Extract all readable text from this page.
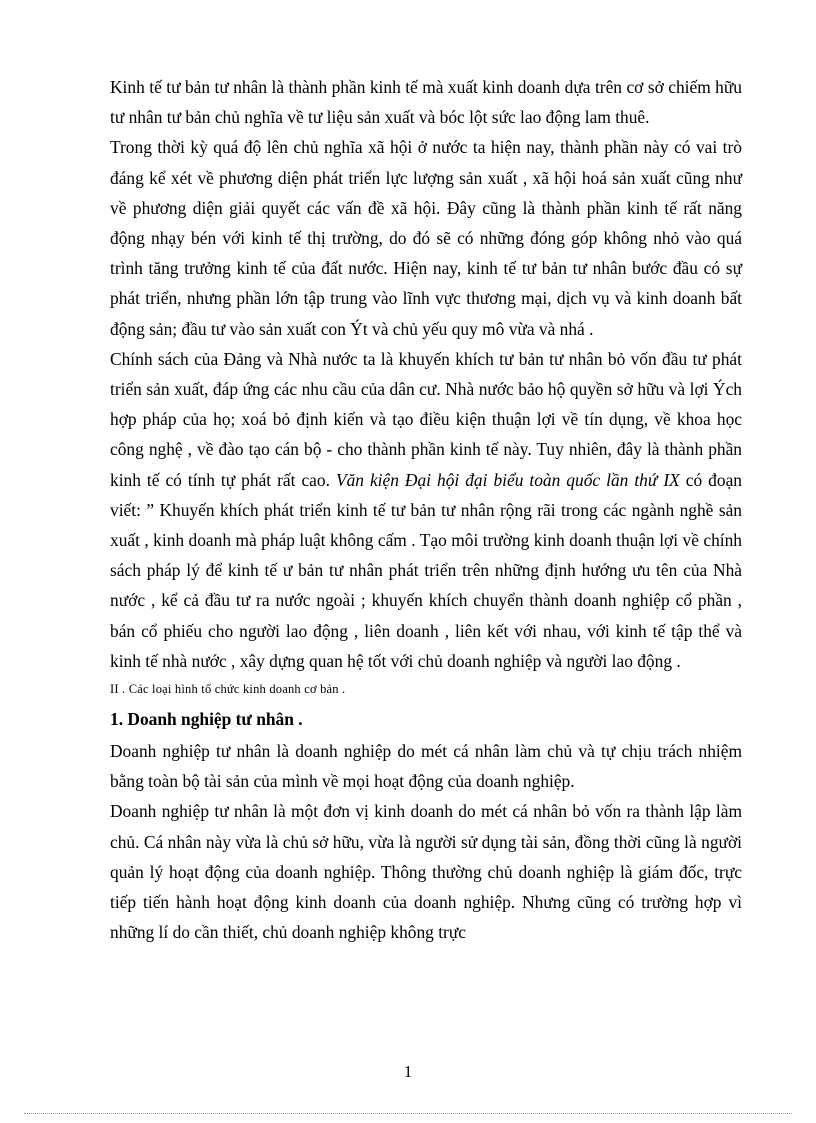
Kinh tế tư bản tư nhân là thành phần kinh tế mà xuất kinh doanh dựa trên cơ sở chiếm hữu tư nhân tư bản chủ nghĩa về tư liệu sản xuất và bóc lột sức lao động lam thuê.

Trong thời kỳ quá độ lên chủ nghĩa xã hội ở nước ta hiện nay, thành phần này có vai trò đáng kể xét về phương diện phát triển lực lượng sản xuất , xã hội hoá sản xuất cũng như về phương diện giải quyết các vấn đề xã hội. Đây cũng là thành phần kinh tế rất năng động nhạy bén với kinh tế thị trường, do đó sẽ có những đóng góp không nhỏ vào quá trình tăng trưởng kinh tế của đất nước. Hiện nay, kinh tế tư bản tư nhân bước đầu có sự phát triển, nhưng phần lớn tập trung vào lĩnh vực thương mại, dịch vụ và kinh doanh bất động sản; đầu tư vào sản xuất con Ýt và chủ yếu quy mô vừa và nhá .

Chính sách của Đảng và Nhà nước ta là khuyến khích tư bản tư nhân bỏ vốn đầu tư phát triển sản xuất, đáp ứng các nhu cầu của dân cư. Nhà nước bảo hộ quyền sở hữu và lợi Ých hợp pháp của họ; xoá bỏ định kiến và tạo điều kiện thuận lợi về tín dụng, về khoa học công nghệ , về đào tạo cán bộ - cho thành phần kinh tế này. Tuy nhiên, đây là thành phần kinh tế có tính tự phát rất cao. Văn kiện Đại hội đại biểu toàn quốc lần thứ IX có đoạn viết: ” Khuyến khích phát triển kinh tế tư bản tư nhân rộng rãi trong các ngành nghề sản xuất , kinh doanh mà pháp luật không cấm . Tạo môi trường kinh doanh thuận lợi về chính sách pháp lý để kinh tế ư bản tư nhân phát triển trên những định hướng ưu tên của Nhà nước , kể cả đầu tư ra nước ngoài ; khuyến khích chuyển thành doanh nghiệp cổ phần , bán cổ phiếu cho người lao động , liên doanh , liên kết với nhau, với kinh tế tập thể và kinh tế nhà nước , xây dựng quan hệ tốt với chủ doanh nghiệp và người lao động .

II . Các loại hình tổ chức kinh doanh cơ bản .

1. Doanh nghiệp tư nhân .

Doanh nghiệp tư nhân là doanh nghiệp do mét cá nhân làm chủ và tự chịu trách nhiệm bằng toàn bộ tài sản của mình về mọi hoạt động của doanh nghiệp.

Doanh nghiệp tư nhân là một đơn vị kinh doanh do mét cá nhân bỏ vốn ra thành lập làm chủ. Cá nhân này vừa là chủ sở hữu, vừa là người sử dụng tài sản, đồng thời cũng là người quản lý hoạt động của doanh nghiệp. Thông thường chủ doanh nghiệp là giám đốc, trực tiếp tiến hành hoạt động kinh doanh của doanh nghiệp. Nhưng cũng có trường hợp vì những lí do cần thiết, chủ doanh nghiệp không trực

1
